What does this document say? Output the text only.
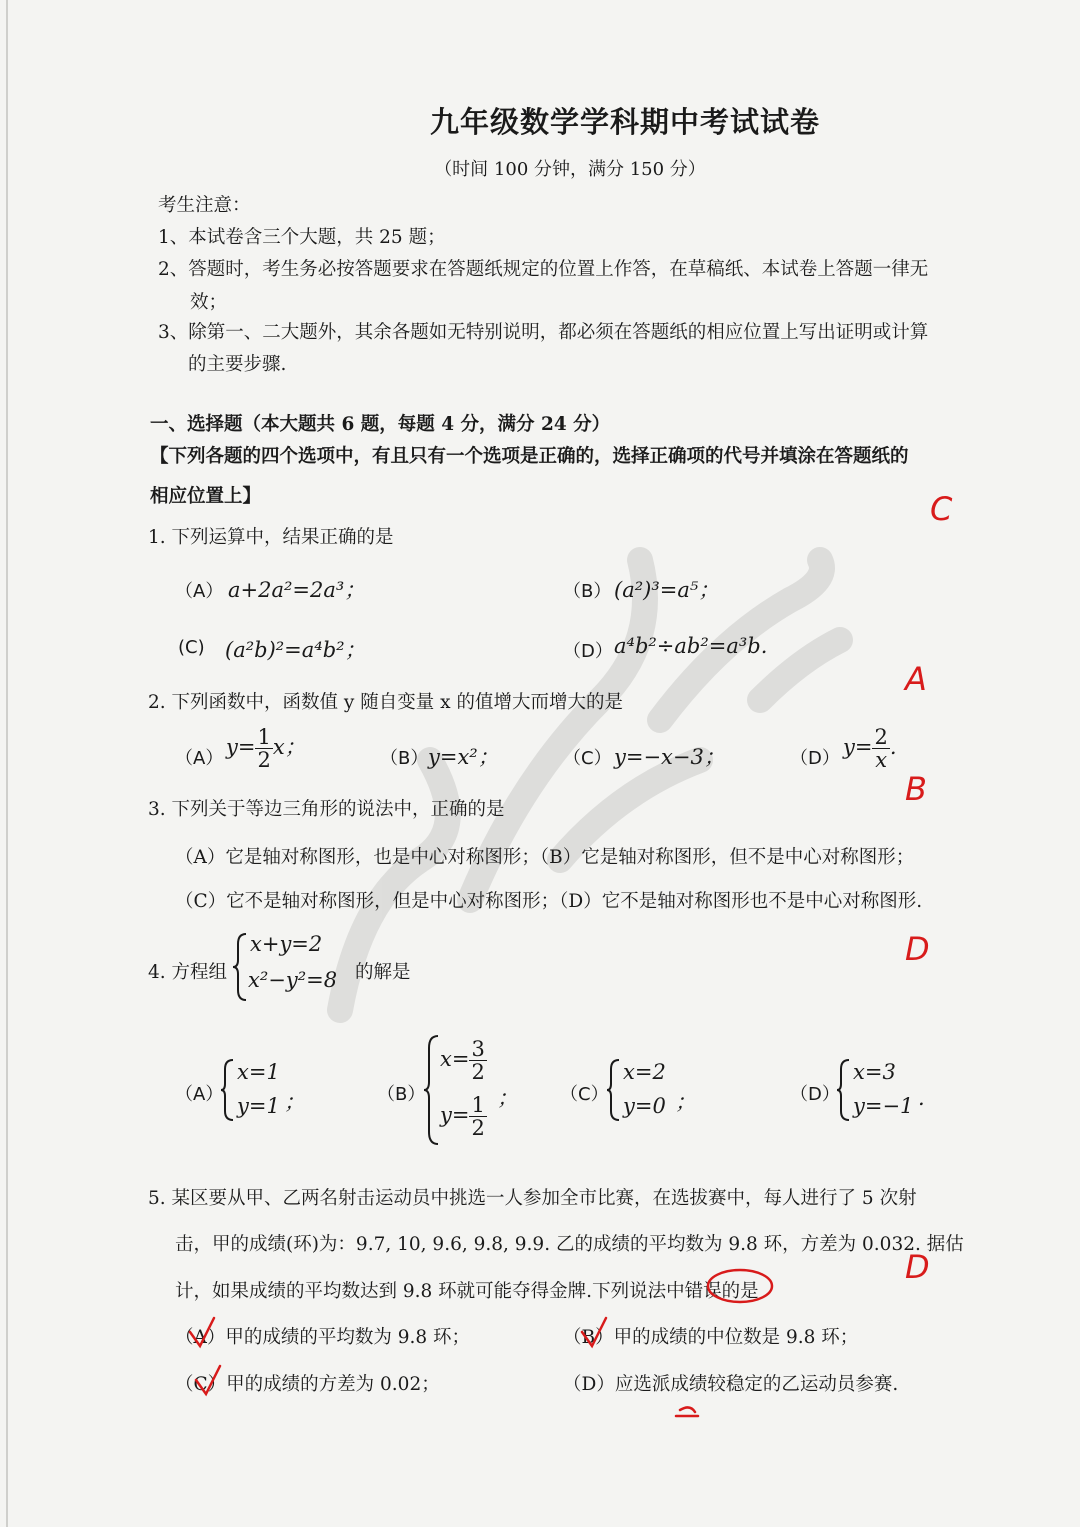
九年级数学学科期中考试试卷
（时间 100 分钟，满分 150 分）
考生注意：
1、本试卷含三个大题，共 25 题；
2、答题时，考生务必按答题要求在答题纸规定的位置上作答，在草稿纸、本试卷上答题一律无
效；
3、除第一、二大题外，其余各题如无特别说明，都必须在答题纸的相应位置上写出证明或计算
的主要步骤.
一、选择题（本大题共 6 题，每题 4 分，满分 24 分）
【下列各题的四个选项中，有且只有一个选项是正确的，选择正确项的代号并填涂在答题纸的
相应位置上】
1. 下列运算中，结果正确的是
C
（A） a+2a²=2a³；	（B） (a²)³=a⁵；
(C) (a²b)²=a⁴b²；	（D） a⁴b²÷ab²=a³b.
2. 下列函数中，函数值 y 随自变量 x 的值增大而增大的是
A
（A） $y= \frac{1}{2}$ x；	（B） y=x²；	（C） y=−x−3；	（D） $y= \frac{2}{x}$ .
3. 下列关于等边三角形的说法中，正确的是
B
（A）它是轴对称图形，也是中心对称图形；（B）它是轴对称图形，但不是中心对称图形；
（C）它不是轴对称图形，但是中心对称图形；（D）它不是轴对称图形也不是中心对称图形.
4. 方程组
x+y=2
x²−y²=8 的解是
D
（A）
x=1
y=1 ；	（B）
$x= \frac{3}{2}$
$y= \frac{1}{2}$ ； （C）
x=2
y=0 ；	（D）
x=3
y=−1 .
5. 某区要从甲、乙两名射击运动员中挑选一人参加全市比赛，在选拔赛中，每人进行了 5 次射
击，甲的成绩(环)为：9.7, 10, 9.6, 9.8, 9.9. 乙的成绩的平均数为 9.8 环，方差为 0.032. 据估
计，如果成绩的平均数达到 9.8 环就可能夺得金牌.下列说法中错误的是
D
（A）甲的成绩的平均数为 9.8 环；	（B）甲的成绩的中位数是 9.8 环；
（C）甲的成绩的方差为 0.02；	（D）应选派成绩较稳定的乙运动员参赛.
